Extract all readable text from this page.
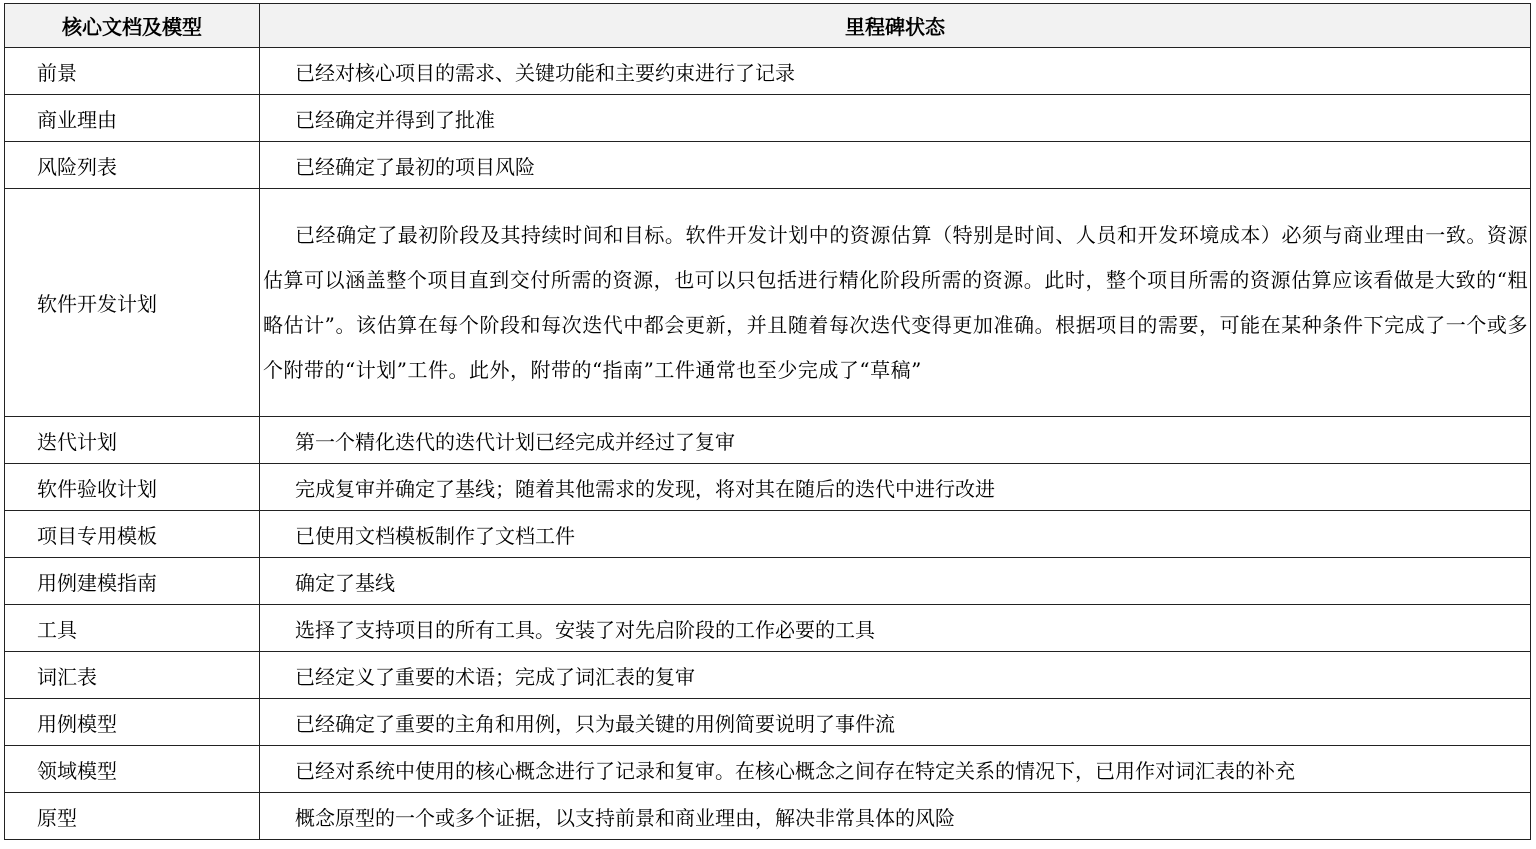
核心文档及模型	里程碑状态
前景	已经对核心项目的需求、关键功能和主要约束进行了记录

商业理由	已经确定并得到了批准

风险列表	已经确定了最初的项目风险

软件开发计划	已经确定了最初阶段及其持续时间和目标。软件开发计划中的资源估算（特别是时间、人员和开发环境成本）必须与商业理由一致。资源估算可以涵盖整个项目直到交付所需的资源，也可以只包括进行精化阶段所需的资源。此时，整个项目所需的资源估算应该看做是大致的“粗略估计”。该估算在每个阶段和每次迭代中都会更新，并且随着每次迭代变得更加准确。根据项目的需要，可能在某种条件下完成了一个或多个附带的“计划”工件。此外，附带的“指南”工件通常也至少完成了“草稿”

迭代计划	第一个精化迭代的迭代计划已经完成并经过了复审

软件验收计划	完成复审并确定了基线；随着其他需求的发现，将对其在随后的迭代中进行改进

项目专用模板	已使用文档模板制作了文档工件

用例建模指南	确定了基线

工具	选择了支持项目的所有工具。安装了对先启阶段的工作必要的工具

词汇表	已经定义了重要的术语；完成了词汇表的复审

用例模型	已经确定了重要的主角和用例，只为最关键的用例简要说明了事件流

领域模型	已经对系统中使用的核心概念进行了记录和复审。在核心概念之间存在特定关系的情况下，已用作对词汇表的补充

原型	概念原型的一个或多个证据，以支持前景和商业理由，解决非常具体的风险
